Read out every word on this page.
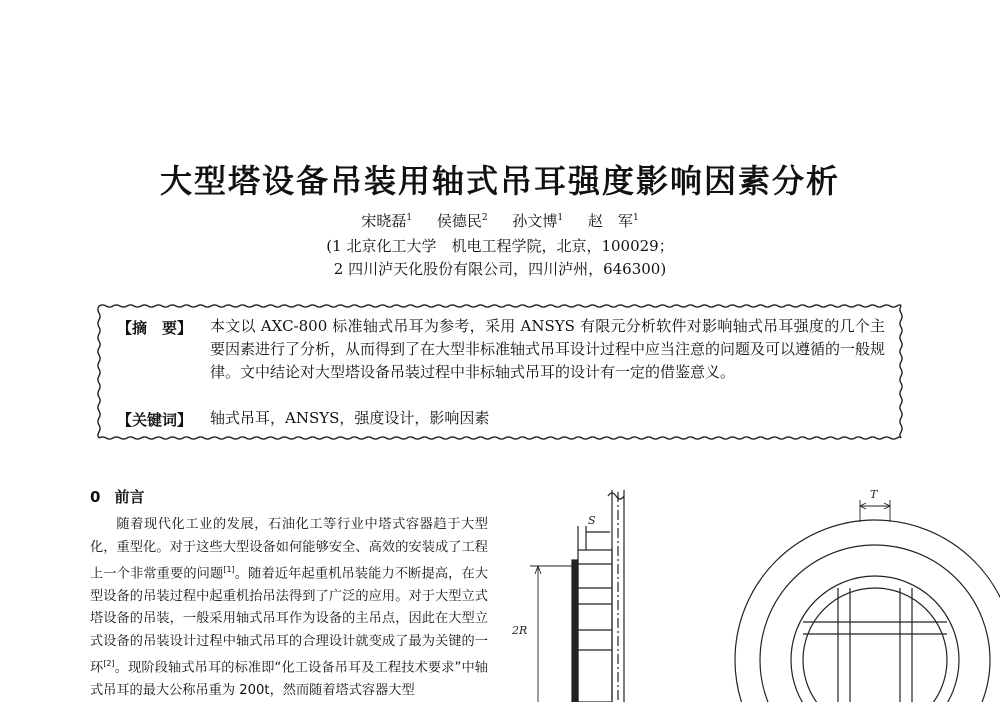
大型塔设备吊装用轴式吊耳强度影响因素分析
宋晓磊$^1$ 侯德民$^2$ 孙文博$^1$ 赵　军$^1$
(1 北京化工大学　机电工程学院，北京，100029；
2 四川泸天化股份有限公司，四川泸州，646300)
【摘　要】 本文以 AXC-800 标准轴式吊耳为参考，采用 ANSYS 有限元分析软件对影响轴式吊耳强度的几个主要因素进行了分析，从而得到了在大型非标准轴式吊耳设计过程中应当注意的问题及可以遵循的一般规律。文中结论对大型塔设备吊装过程中非标轴式吊耳的设计有一定的借鉴意义。
【关键词】 轴式吊耳，ANSYS，强度设计，影响因素
0 前言
随着现代化工业的发展，石油化工等行业中塔式容器趋于大型化，重型化。对于这些大型设备如何能够安全、高效的安装成了工程上一个非常重要的问题[1]。随着近年起重机吊装能力不断提高，在大型设备的吊装过程中起重机抬吊法得到了广泛的应用。对于大型立式塔设备的吊装，一般采用轴式吊耳作为设备的主吊点，因此在大型立式设备的吊装设计过程中轴式吊耳的合理设计就变成了最为关键的一环[2]。现阶段轴式吊耳的标准即“化工设备吊耳及工程技术要求”中轴式吊耳的最大公称吊重为 200t，然而随着塔式容器大型
S
T
2R
